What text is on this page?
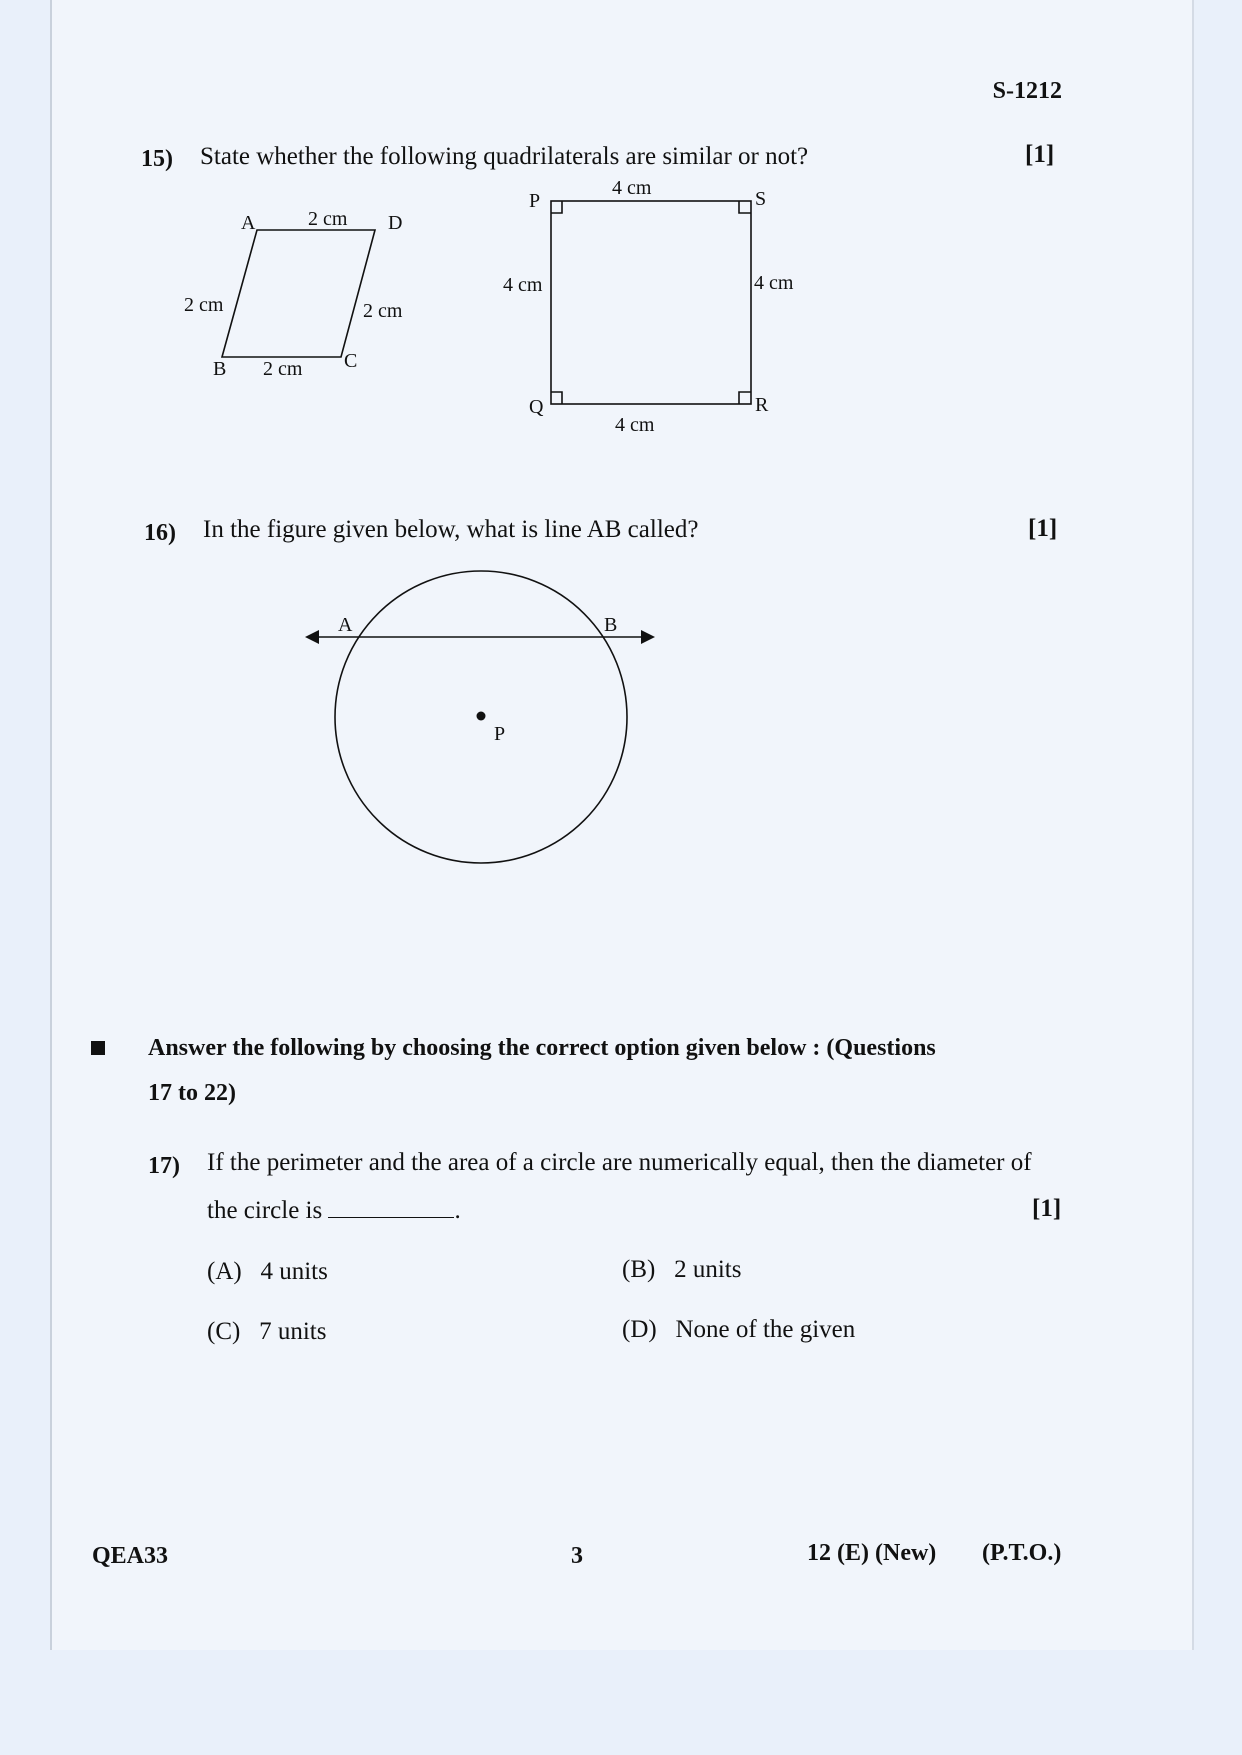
S-1212
15) State whether the following quadrilaterals are similar or not?	[1]
A	D
B	C
2 cm
2 cm	2 cm
2 cm
P	S
Q	R
4 cm
4 cm	4 cm
4 cm
16) In the figure given below, what is line AB called?	[1]
A	B
P
Answer the following by choosing the correct option given below : (Questions
17 to 22)
17) If the perimeter and the area of a circle are numerically equal, then the diameter of
the circle is	.	[1]
(A) 4 units	(B) 2 units
(C) 7 units	(D) None of the given
QEA33	3	12 (E) (New) (P.T.O.)
